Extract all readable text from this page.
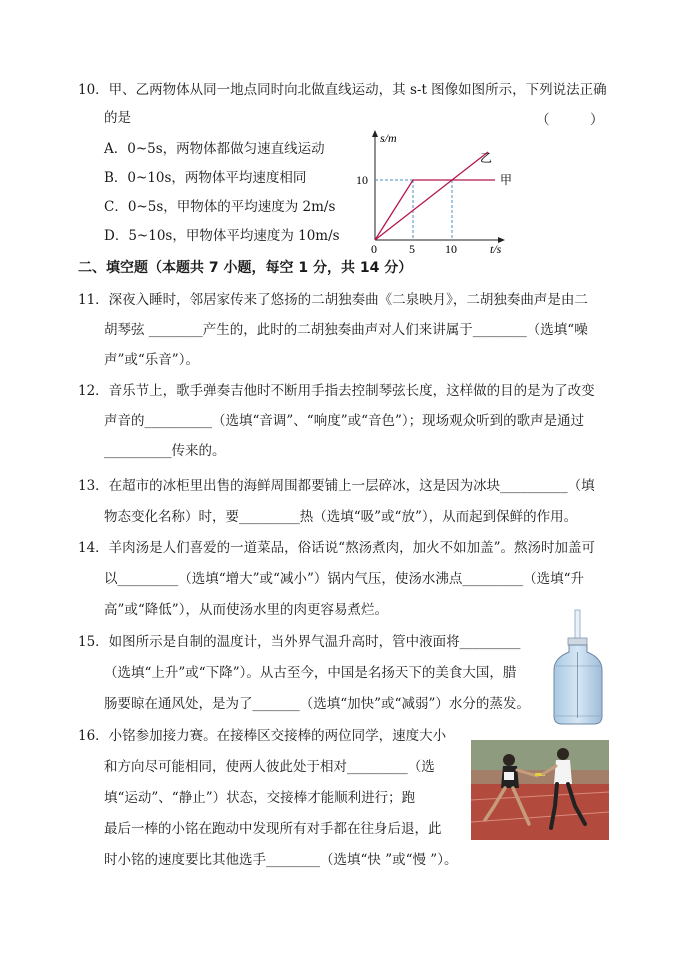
10．甲、乙两物体从同一地点同时向北做直线运动，其 s-t 图像如图所示，下列说法正确
的是	（　　　）
A．0~5s，两物体都做匀速直线运动
B．0~10s，两物体平均速度相同
C．0~5s，甲物体的平均速度为 2m/s
D．5~10s，甲物体平均速度为 10m/s
s/m
t/s
0	5	10
10
乙
甲
二、填空题（本题共 7 小题，每空 1 分，共 14 分）
11．深夜入睡时，邻居家传来了悠扬的二胡独奏曲《二泉映月》，二胡独奏曲声是由二
胡琴弦 ________产生的，此时的二胡独奏曲声对人们来讲属于________（选填“噪
声”或“乐音”）。
12．音乐节上，歌手弹奏吉他时不断用手指去控制琴弦长度，这样做的目的是为了改变
声音的__________（选填“音调”、“响度”或“音色”）；现场观众听到的歌声是通过
__________传来的。
13．在超市的冰柜里出售的海鲜周围都要铺上一层碎冰，这是因为冰块__________（填
物态变化名称）时，要_________热（选填“吸”或“放”），从而起到保鲜的作用。
14．羊肉汤是人们喜爱的一道菜品，俗话说“熬汤煮肉，加火不如加盖”。熬汤时加盖可
以_________（选填“增大”或“减小”）锅内气压，使汤水沸点_________（选填“升
高”或“降低”），从而使汤水里的肉更容易煮烂。
15．如图所示是自制的温度计，当外界气温升高时，管中液面将_________
（选填“上升”或“下降”）。从古至今，中国是名扬天下的美食大国，腊
肠要晾在通风处，是为了_______（选填“加快”或“减弱”）水分的蒸发。
16．小铭参加接力赛。在接棒区交接棒的两位同学，速度大小
和方向尽可能相同，使两人彼此处于相对_________（选
填“运动”、“静止”）状态，交接棒才能顺利进行；跑
最后一棒的小铭在跑动中发现所有对手都在往身后退，此
时小铭的速度要比其他选手________（选填“快 ”或“慢 ”）。
